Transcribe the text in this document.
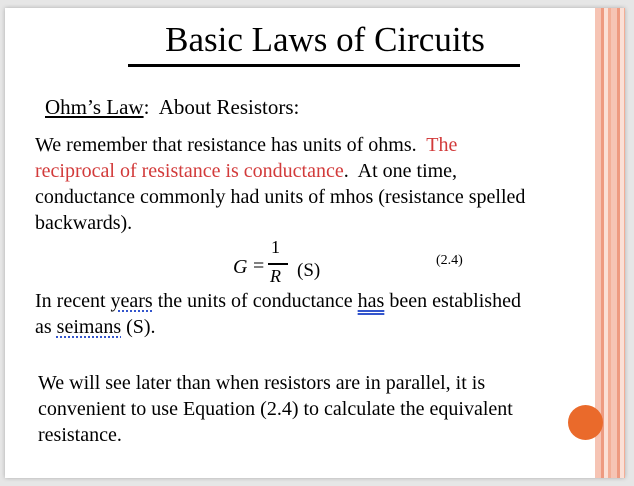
Basic Laws of Circuits
Ohm’s Law:  About Resistors:
We remember that resistance has units of ohms.  The
reciprocal of resistance is conductance.  At one time,
conductance commonly had units of mhos (resistance spelled
backwards).
G =
1
R (S)	(2.4)
In recent years the units of conductance has been established
as seimans (S).
We will see later than when resistors are in parallel, it is
convenient to use Equation (2.4) to calculate the equivalent
resistance.
